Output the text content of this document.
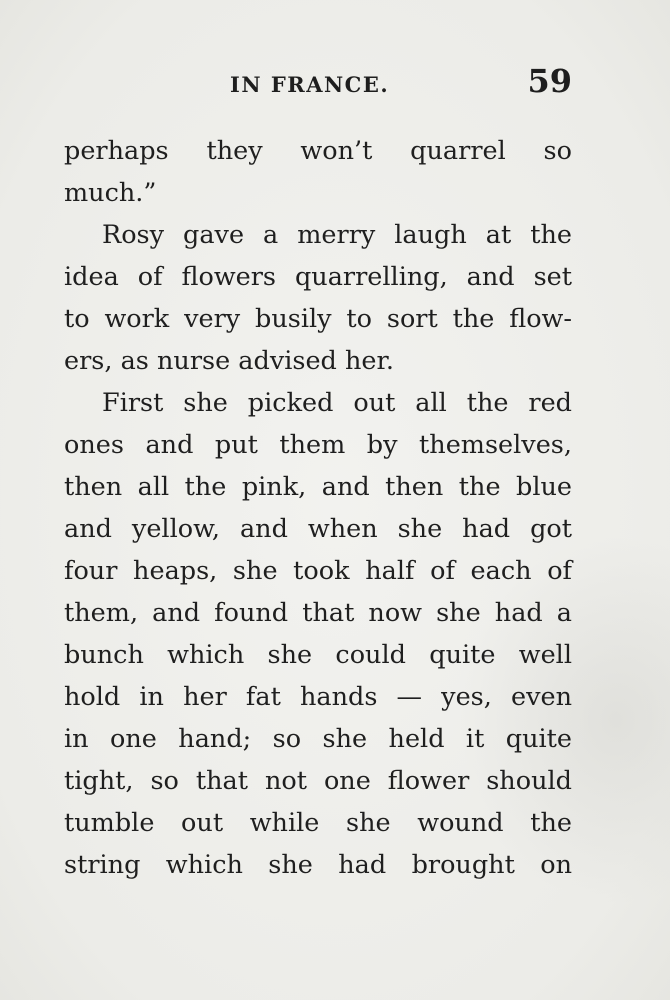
IN FRANCE.	59
perhaps they won’t quarrel so
much.”
Rosy gave a merry laugh at the
idea of flowers quarrelling, and set
to work very busily to sort the flow-
ers, as nurse advised her.
First she picked out all the red
ones and put them by themselves,
then all the pink, and then the blue
and yellow, and when she had got
four heaps, she took half of each of
them, and found that now she had a
bunch which she could quite well
hold in her fat hands — yes, even
in one hand; so she held it quite
tight, so that not one flower should
tumble out while she wound the
string which she had brought on
